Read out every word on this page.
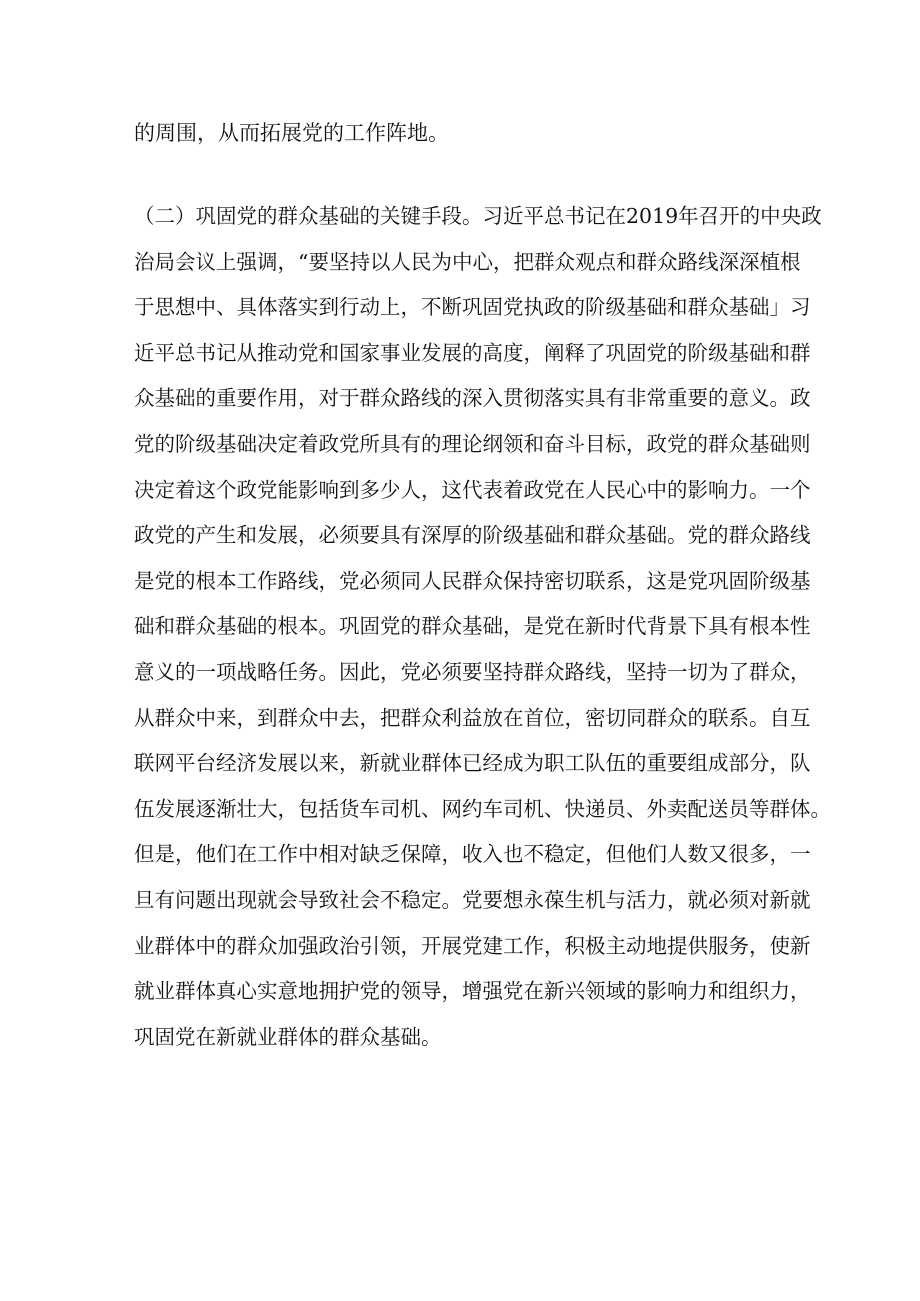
的周围，从而拓展党的工作阵地。

（二）巩固党的群众基础的关键手段。习近平总书记在2019年召开的中央政
治局会议上强调，“要坚持以人民为中心，把群众观点和群众路线深深植根
于思想中、具体落实到行动上，不断巩固党执政的阶级基础和群众基础」习
近平总书记从推动党和国家事业发展的高度，阐释了巩固党的阶级基础和群
众基础的重要作用，对于群众路线的深入贯彻落实具有非常重要的意义。政
党的阶级基础决定着政党所具有的理论纲领和奋斗目标，政党的群众基础则
决定着这个政党能影响到多少人，这代表着政党在人民心中的影响力。一个
政党的产生和发展，必须要具有深厚的阶级基础和群众基础。党的群众路线
是党的根本工作路线，党必须同人民群众保持密切联系，这是党巩固阶级基
础和群众基础的根本。巩固党的群众基础，是党在新时代背景下具有根本性
意义的一项战略任务。因此，党必须要坚持群众路线，坚持一切为了群众，
从群众中来，到群众中去，把群众利益放在首位，密切同群众的联系。自互
联网平台经济发展以来，新就业群体已经成为职工队伍的重要组成部分，队
伍发展逐渐壮大，包括货车司机、网约车司机、快递员、外卖配送员等群体。
但是，他们在工作中相对缺乏保障，收入也不稳定，但他们人数又很多，一
旦有问题出现就会导致社会不稳定。党要想永葆生机与活力，就必须对新就
业群体中的群众加强政治引领，开展党建工作，积极主动地提供服务，使新
就业群体真心实意地拥护党的领导，增强党在新兴领域的影响力和组织力，
巩固党在新就业群体的群众基础。
